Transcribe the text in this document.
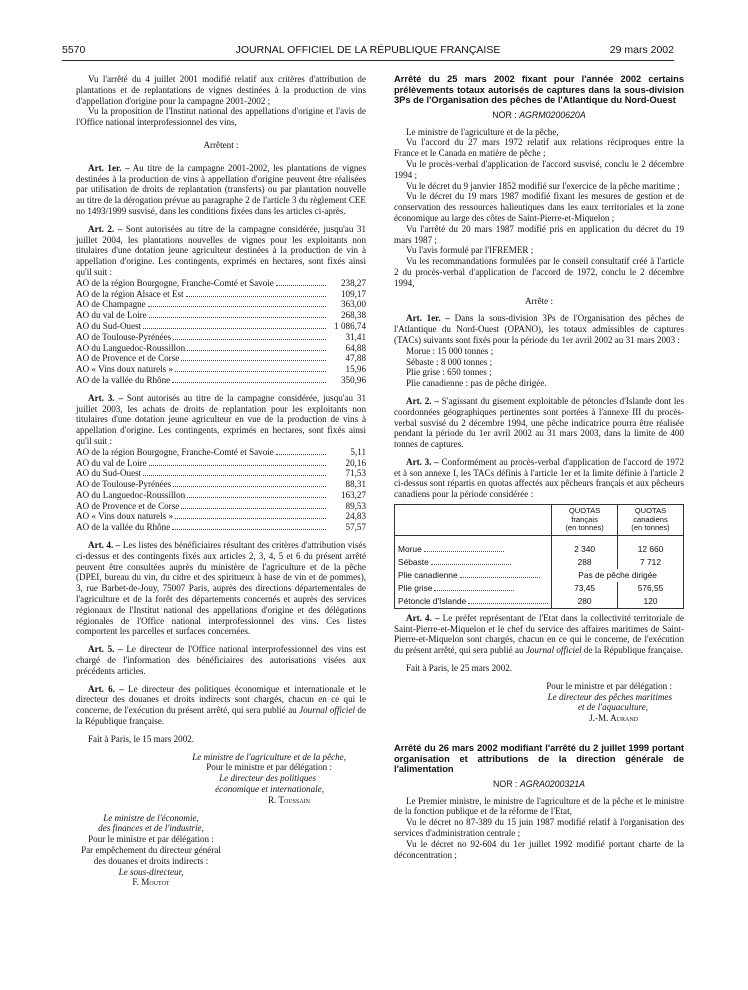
5570	JOURNAL OFFICIEL DE LA RÉPUBLIQUE FRANÇAISE	29 mars 2002

Vu l'arrêté du 4 juillet 2001 modifié relatif aux critères d'attribution de plantations et de replantations de vignes destinées à la production de vins d'appellation d'origine pour la campagne 2001-2002 ;

Vu la proposition de l'Institut national des appellations d'origine et l'avis de l'Office national interprofessionnel des vins,

Arrêtent :

Art. 1er. – Au titre de la campagne 2001-2002, les plantations de vignes destinées à la production de vins à appellation d'origine peuvent être réalisées par utilisation de droits de replantation (transferts) ou par plantation nouvelle au titre de la dérogation prévue au paragraphe 2 de l'article 3 du règlement CEE no 1493/1999 susvisé, dans les conditions fixées dans les articles ci-après.

Art. 2. – Sont autorisées au titre de la campagne considérée, jusqu'au 31 juillet 2004, les plantations nouvelles de vignes pour les exploitants non titulaires d'une dotation jeune agriculteur destinées à la production de vin à appellation d'origine. Les contingents, exprimés en hectares, sont fixés ainsi qu'il suit :

AO de la région Bourgogne, Franche-Comté et Savoie	238,27
AO de la région Alsace et Est	109,17
AO de Champagne	363,00
AO du val de Loire	268,38
AO du Sud-Ouest	1 086,74
AO de Toulouse-Pyrénées	31,41
AO du Languedoc-Roussillon	64,88
AO de Provence et de Corse	47,88
AO « Vins doux naturels »	15,96
AO de la vallée du Rhône	350,96

Art. 3. – Sont autorisés au titre de la campagne considérée, jusqu'au 31 juillet 2003, les achats de droits de replantation pour les exploitants non titulaires d'une dotation jeune agriculteur en vue de la production de vins à appellation d'origine. Les contingents, exprimés en hectares, sont fixés ainsi qu'il suit :

AO de la région Bourgogne, Franche-Comté et Savoie	5,11
AO du val de Loire	20,16
AO du Sud-Ouest	71,53
AO de Toulouse-Pyrénées	88,31
AO du Languedoc-Roussillon	163,27
AO de Provence et de Corse	89,53
AO « Vins doux naturels »	24,83
AO de la vallée du Rhône	57,57

Art. 4. – Les listes des bénéficiaires résultant des critères d'attribution visés ci-dessus et des contingents fixés aux articles 2, 3, 4, 5 et 6 du présent arrêté peuvent être consultées auprès du ministère de l'agriculture et de la pêche (DPEI, bureau du vin, du cidre et des spiritueux à base de vin et de pommes), 3, rue Barbet-de-Jouy, 75007 Paris, auprès des directions départementales de l'agriculture et de la forêt des départements concernés et auprès des services régionaux de l'Institut national des appellations d'origine et des délégations régionales de l'Office national interprofessionnel des vins. Ces listes comportent les parcelles et surfaces concernées.

Art. 5. – Le directeur de l'Office national interprofessionnel des vins est chargé de l'information des bénéficiaires des autorisations visées aux précédents articles.

Art. 6. – Le directeur des politiques économique et internationale et le directeur des douanes et droits indirects sont chargés, chacun en ce qui le concerne, de l'exécution du présent arrêté, qui sera publié au Journal officiel de la République française.

Fait à Paris, le 15 mars 2002.

Le ministre de l'agriculture et de la pêche,

Pour le ministre et par délégation :

Le directeur des politiques

économique et internationale,

R. Toussain

Le ministre de l'économie,

des finances et de l'industrie,

Pour le ministre et par délégation :

Par empêchement du directeur général

des douanes et droits indirects :

Le sous-directeur,

F. Moutot

Arrêté du 25 mars 2002 fixant pour l'année 2002 certains prélèvements totaux autorisés de captures dans la sous-division 3Ps de l'Organisation des pêches de l'Atlantique du Nord-Ouest

NOR : AGRM0200620A

Le ministre de l'agriculture et de la pêche,

Vu l'accord du 27 mars 1972 relatif aux relations réciproques entre la France et le Canada en matière de pêche ;

Vu le procès-verbal d'application de l'accord susvisé, conclu le 2 décembre 1994 ;

Vu le décret du 9 janvier 1852 modifié sur l'exercice de la pêche maritime ;

Vu le décret du 19 mars 1987 modifié fixant les mesures de gestion et de conservation des ressources halieutiques dans les eaux territoriales et la zone économique au large des côtes de Saint-Pierre-et-Miquelon ;

Vu l'arrêté du 20 mars 1987 modifié pris en application du décret du 19 mars 1987 ;

Vu l'avis formulé par l'IFREMER ;

Vu les recommandations formulées par le conseil consultatif créé à l'article 2 du procès-verbal d'application de l'accord de 1972, conclu le 2 décembre 1994,

Arrête :

Art. 1er. – Dans la sous-division 3Ps de l'Organisation des pêches de l'Atlantique du Nord-Ouest (OPANO), les totaux admissibles de captures (TACs) suivants sont fixés pour la période du 1er avril 2002 au 31 mars 2003 :

Morue : 15 000 tonnes ;

Sébaste : 8 000 tonnes ;

Plie grise : 650 tonnes ;

Plie canadienne : pas de pêche dirigée.

Art. 2. – S'agissant du gisement exploitable de pétoncles d'Islande dont les coordonnées géographiques pertinentes sont portées à l'annexe III du procès-verbal susvisé du 2 décembre 1994, une pêche indicatrice pourra être réalisée pendant la période du 1er avril 2002 au 31 mars 2003, dans la limite de 400 tonnes de captures.

Art. 3. – Conformément au procès-verbal d'application de l'accord de 1972 et à son annexe I, les TACs définis à l'article 1er et la limite définie à l'article 2 ci-dessus sont répartis en quotas affectés aux pêcheurs français et aux pêcheurs canadiens pour la période considérée :

	QUOTAS
français
(en tonnes)	QUOTAS
canadiens
(en tonnes)
Morue	2 340	12 660
Sébaste	288	7 712
Plie canadienne	Pas de pêche dirigée	
Plie grise	73,45	576,55
Pétoncle d'Islande	280	120

Art. 4. – Le préfet représentant de l'Etat dans la collectivité territoriale de Saint-Pierre-et-Miquelon et le chef du service des affaires maritimes de Saint-Pierre-et-Miquelon sont chargés, chacun en ce qui le concerne, de l'exécution du présent arrêté, qui sera publié au Journal officiel de la République française.

Fait à Paris, le 25 mars 2002.

Pour le ministre et par délégation :

Le directeur des pêches maritimes

et de l'aquaculture,

J.-M. Aurand

Arrêté du 26 mars 2002 modifiant l'arrêté du 2 juillet 1999 portant organisation et attributions de la direction générale de l'alimentation

NOR : AGRA0200321A

Le Premier ministre, le ministre de l'agriculture et de la pêche et le ministre de la fonction publique et de la réforme de l'Etat,

Vu le décret no 87-389 du 15 juin 1987 modifié relatif à l'organisation des services d'administration centrale ;

Vu le décret no 92-604 du 1er juillet 1992 modifié portant charte de la déconcentration ;
